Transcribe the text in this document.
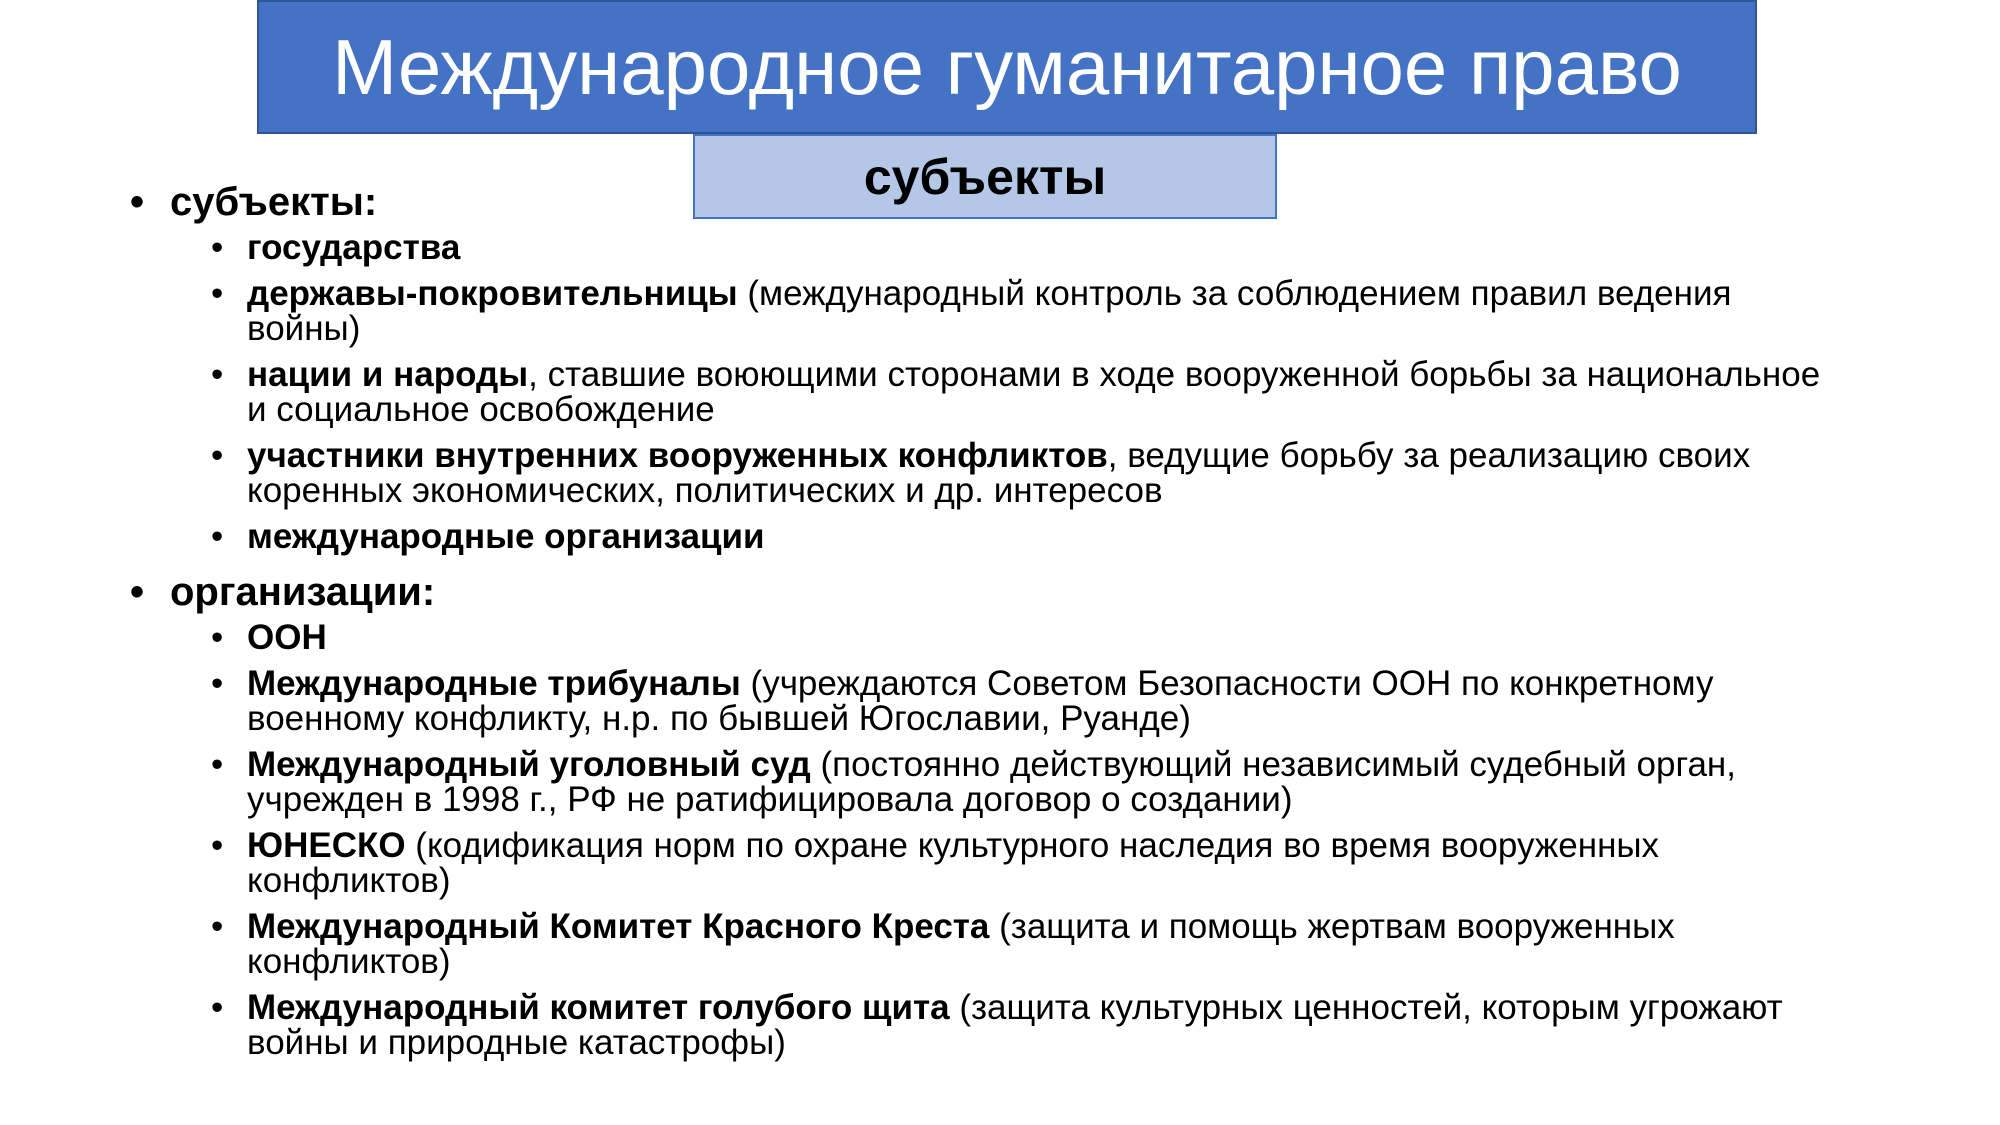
Международное гуманитарное право
субъекты
• субъекты:
• государства
• державы-покровительницы (международный контроль за соблюдением правил ведения войны)
• нации и народы, ставшие воюющими сторонами в ходе вооруженной борьбы за национальное и социальное освобождение
• участники внутренних вооруженных конфликтов, ведущие борьбу за реализацию своих коренных экономических, политических и др. интересов
• международные организации
• организации:
• ООН
• Международные трибуналы (учреждаются Советом Безопасности ООН по конкретному военному конфликту, н.р. по бывшей Югославии, Руанде)
• Международный уголовный суд (постоянно действующий независимый судебный орган, учрежден в 1998 г., РФ не ратифицировала договор о создании)
• ЮНЕСКО (кодификация норм по охране культурного наследия во время вооруженных конфликтов)
• Международный Комитет Красного Креста (защита и помощь жертвам вооруженных конфликтов)
• Международный комитет голубого щита (защита культурных ценностей, которым угрожают войны и природные катастрофы)
